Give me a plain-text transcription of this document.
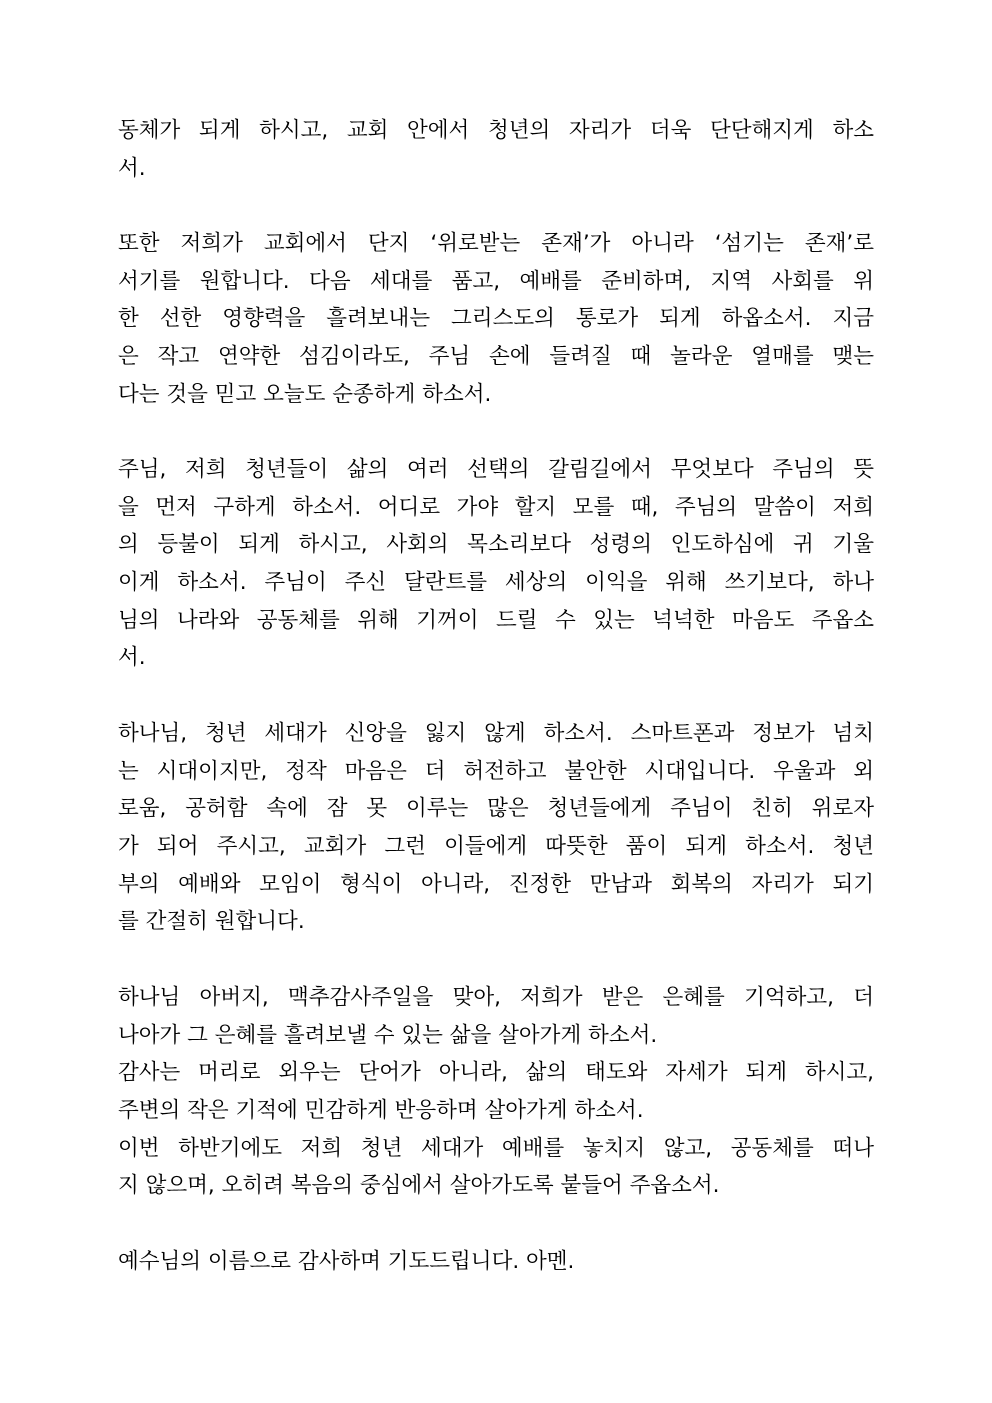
동체가 되게 하시고, 교회 안에서 청년의 자리가 더욱 단단해지게 하소
서.
또한 저희가 교회에서 단지 ‘위로받는 존재’가 아니라 ‘섬기는 존재’로
서기를 원합니다. 다음 세대를 품고, 예배를 준비하며, 지역 사회를 위
한 선한 영향력을 흘려보내는 그리스도의 통로가 되게 하옵소서. 지금
은 작고 연약한 섬김이라도, 주님 손에 들려질 때 놀라운 열매를 맺는
다는 것을 믿고 오늘도 순종하게 하소서.
주님, 저희 청년들이 삶의 여러 선택의 갈림길에서 무엇보다 주님의 뜻
을 먼저 구하게 하소서. 어디로 가야 할지 모를 때, 주님의 말씀이 저희
의 등불이 되게 하시고, 사회의 목소리보다 성령의 인도하심에 귀 기울
이게 하소서. 주님이 주신 달란트를 세상의 이익을 위해 쓰기보다, 하나
님의 나라와 공동체를 위해 기꺼이 드릴 수 있는 넉넉한 마음도 주옵소
서.
하나님, 청년 세대가 신앙을 잃지 않게 하소서. 스마트폰과 정보가 넘치
는 시대이지만, 정작 마음은 더 허전하고 불안한 시대입니다. 우울과 외
로움, 공허함 속에 잠 못 이루는 많은 청년들에게 주님이 친히 위로자
가 되어 주시고, 교회가 그런 이들에게 따뜻한 품이 되게 하소서. 청년
부의 예배와 모임이 형식이 아니라, 진정한 만남과 회복의 자리가 되기
를 간절히 원합니다.
하나님 아버지, 맥추감사주일을 맞아, 저희가 받은 은혜를 기억하고, 더
나아가 그 은혜를 흘려보낼 수 있는 삶을 살아가게 하소서.
감사는 머리로 외우는 단어가 아니라, 삶의 태도와 자세가 되게 하시고,
주변의 작은 기적에 민감하게 반응하며 살아가게 하소서.
이번 하반기에도 저희 청년 세대가 예배를 놓치지 않고, 공동체를 떠나
지 않으며, 오히려 복음의 중심에서 살아가도록 붙들어 주옵소서.
예수님의 이름으로 감사하며 기도드립니다. 아멘.
